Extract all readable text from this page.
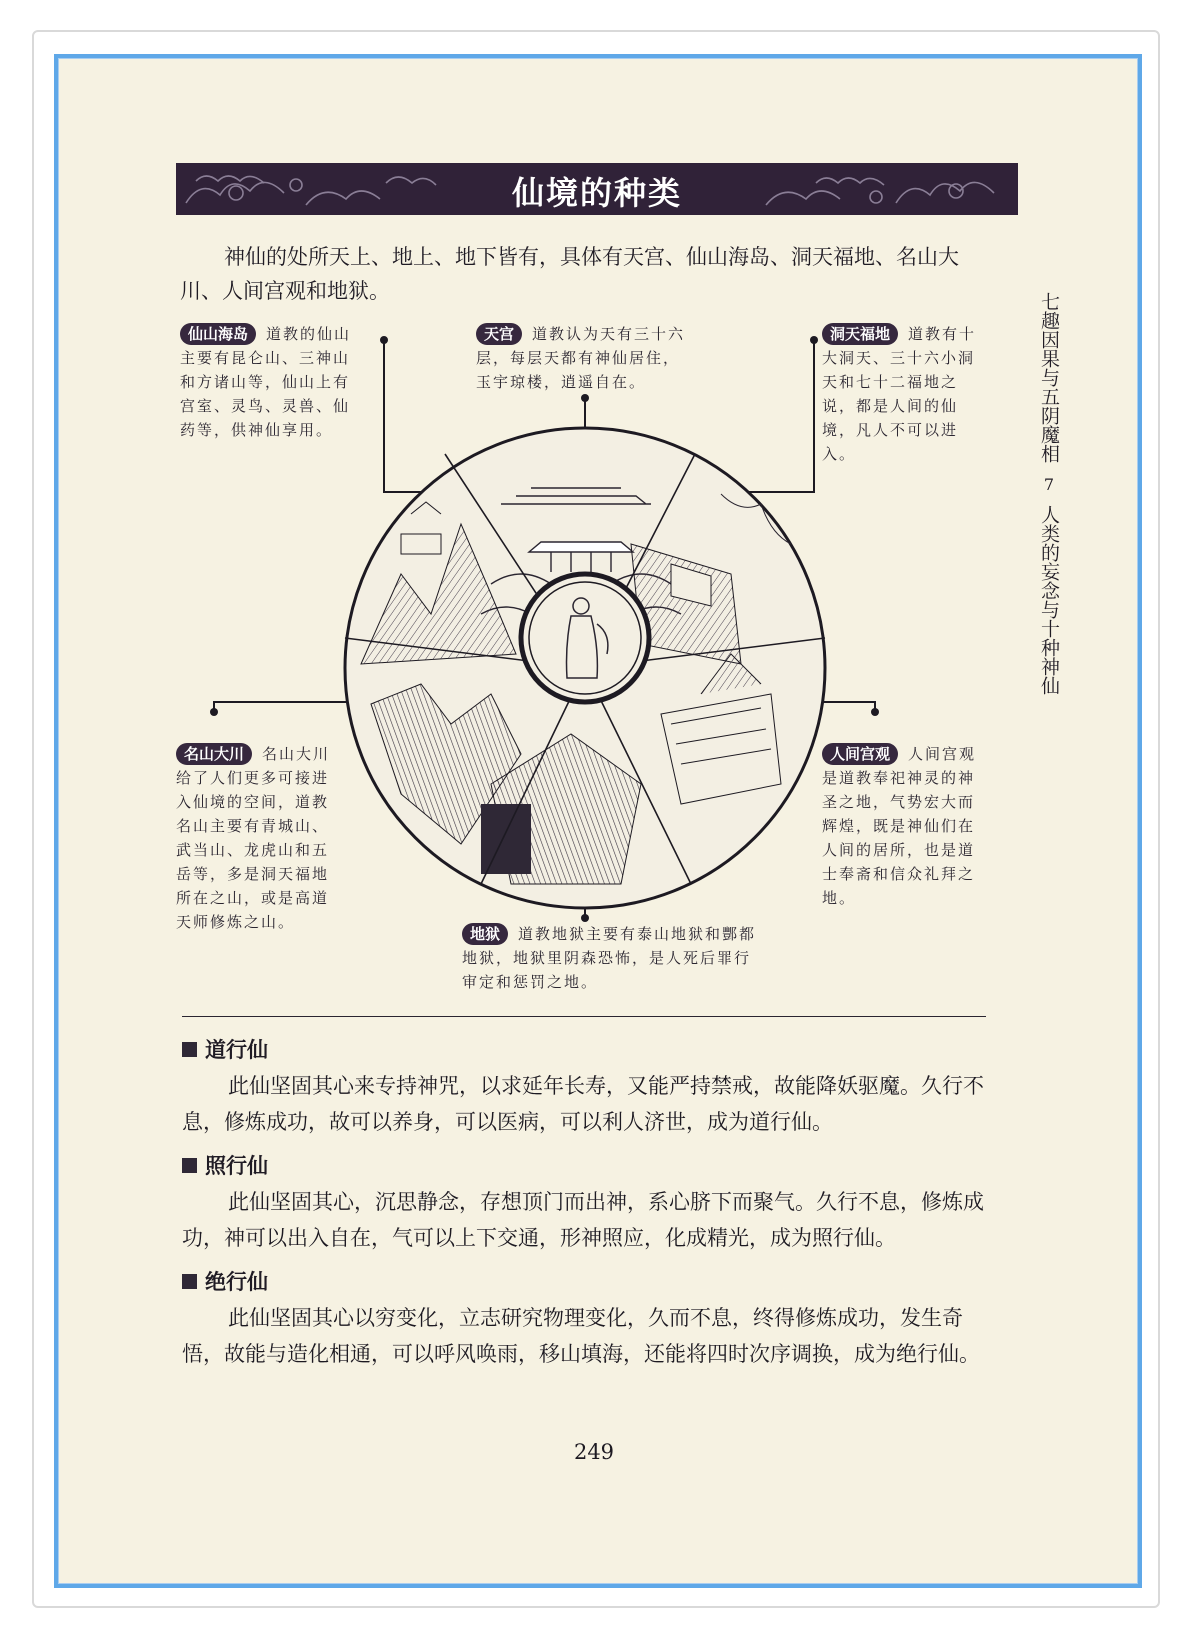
仙境的种类

神仙的处所天上、地上、地下皆有，具体有天宫、仙山海岛、洞天福地、名山大川、人间宫观和地狱。

七趣因果与五阴魔相
7
人类的妄念与十种神仙

仙山海岛 道教的仙山主要有昆仑山、三神山和方诸山等，仙山上有宫室、灵鸟、灵兽、仙药等，供神仙享用。

天宫 道教认为天有三十六层，每层天都有神仙居住，玉宇琼楼，逍遥自在。

洞天福地 道教有十大洞天、三十六小洞天和七十二福地之说，都是人间的仙境，凡人不可以进入。

名山大川 名山大川给了人们更多可接进入仙境的空间，道教名山主要有青城山、武当山、龙虎山和五岳等，多是洞天福地所在之山，或是高道天师修炼之山。

人间宫观 人间宫观是道教奉祀神灵的神圣之地，气势宏大而辉煌，既是神仙们在人间的居所，也是道士奉斋和信众礼拜之地。

地狱 道教地狱主要有泰山地狱和酆都地狱，地狱里阴森恐怖，是人死后罪行审定和惩罚之地。

道行仙

此仙坚固其心来专持神咒，以求延年长寿，又能严持禁戒，故能降妖驱魔。久行不息，修炼成功，故可以养身，可以医病，可以利人济世，成为道行仙。

照行仙

此仙坚固其心，沉思静念，存想顶门而出神，系心脐下而聚气。久行不息，修炼成功，神可以出入自在，气可以上下交通，形神照应，化成精光，成为照行仙。

绝行仙

此仙坚固其心以穷变化，立志研究物理变化，久而不息，终得修炼成功，发生奇悟，故能与造化相通，可以呼风唤雨，移山填海，还能将四时次序调换，成为绝行仙。

249
